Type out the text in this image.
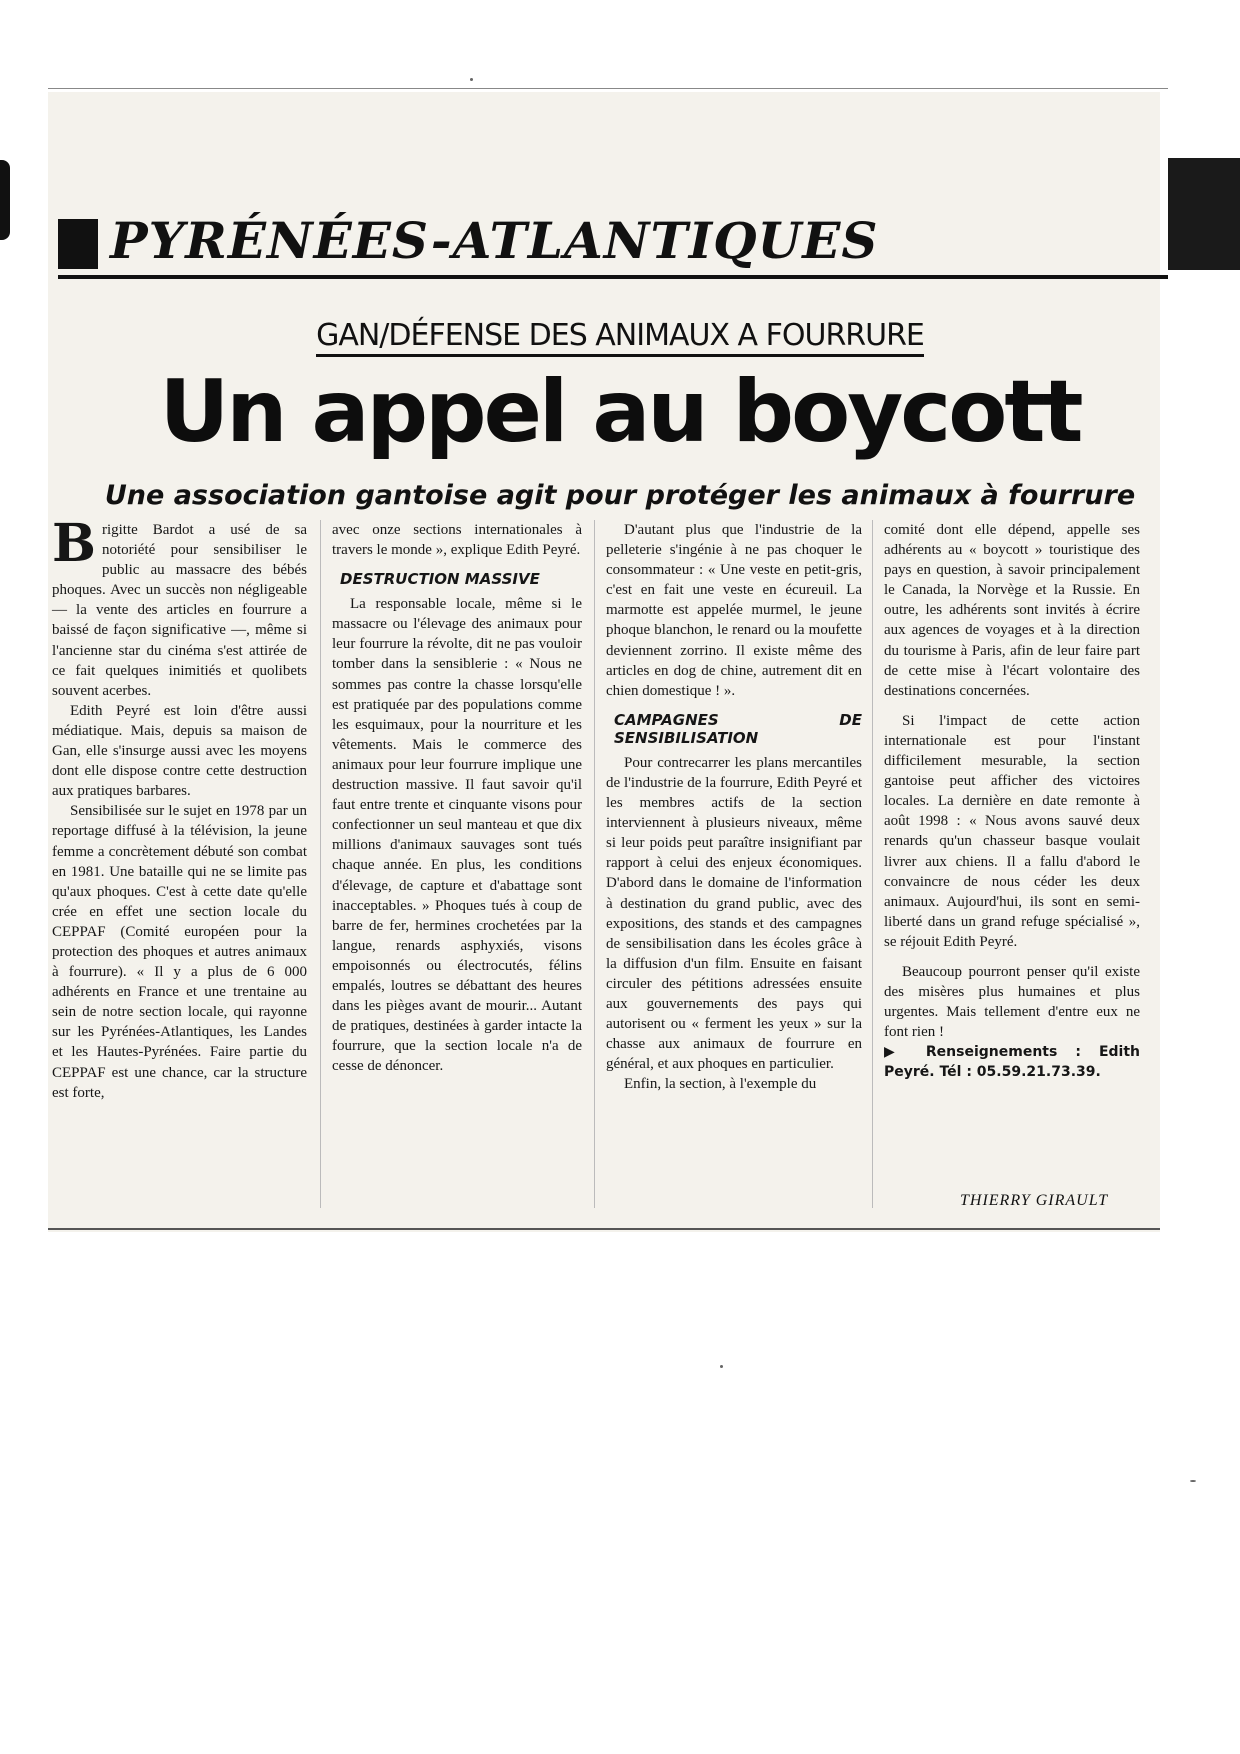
PYRÉNÉES-ATLANTIQUES
GAN/DÉFENSE DES ANIMAUX A FOURRURE
Un appel au boycott
Une association gantoise agit pour protéger les animaux à fourrure

Brigitte Bardot a usé de sa notoriété pour sensibiliser le public au massacre des bébés phoques. Avec un succès non négligeable — la vente des articles en fourrure a baissé de façon significative —, même si l'ancienne star du cinéma s'est attirée de ce fait quelques inimitiés et quolibets souvent acerbes.

Edith Peyré est loin d'être aussi médiatique. Mais, depuis sa maison de Gan, elle s'insurge aussi avec les moyens dont elle dispose contre cette destruction aux pratiques barbares.

Sensibilisée sur le sujet en 1978 par un reportage diffusé à la télévision, la jeune femme a concrètement débuté son combat en 1981. Une bataille qui ne se limite pas qu'aux phoques. C'est à cette date qu'elle crée en effet une section locale du CEPPAF (Comité européen pour la protection des phoques et autres animaux à fourrure). « Il y a plus de 6 000 adhérents en France et une trentaine au sein de notre section locale, qui rayonne sur les Pyrénées-Atlantiques, les Landes et les Hautes-Pyrénées. Faire partie du CEPPAF est une chance, car la structure est forte,

avec onze sections internationales à travers le monde », explique Edith Peyré.

DESTRUCTION MASSIVE

La responsable locale, même si le massacre ou l'élevage des animaux pour leur fourrure la révolte, dit ne pas vouloir tomber dans la sensiblerie : « Nous ne sommes pas contre la chasse lorsqu'elle est pratiquée par des populations comme les esquimaux, pour la nourriture et les vêtements. Mais le commerce des animaux pour leur fourrure implique une destruction massive. Il faut savoir qu'il faut entre trente et cinquante visons pour confectionner un seul manteau et que dix millions d'animaux sauvages sont tués chaque année. En plus, les conditions d'élevage, de capture et d'abattage sont inacceptables. » Phoques tués à coup de barre de fer, hermines crochetées par la langue, renards asphyxiés, visons empoisonnés ou électrocutés, félins empalés, loutres se débattant des heures dans les pièges avant de mourir... Autant de pratiques, destinées à garder intacte la fourrure, que la section locale n'a de cesse de dénoncer.

D'autant plus que l'industrie de la pelleterie s'ingénie à ne pas choquer le consommateur : « Une veste en petit-gris, c'est en fait une veste en écureuil. La marmotte est appelée murmel, le jeune phoque blanchon, le renard ou la moufette deviennent zorrino. Il existe même des articles en dog de chine, autrement dit en chien domestique ! ».

CAMPAGNES DE SENSIBILISATION

Pour contrecarrer les plans mercantiles de l'industrie de la fourrure, Edith Peyré et les membres actifs de la section interviennent à plusieurs niveaux, même si leur poids peut paraître insignifiant par rapport à celui des enjeux économiques. D'abord dans le domaine de l'information à destination du grand public, avec des expositions, des stands et des campagnes de sensibilisation dans les écoles grâce à la diffusion d'un film. Ensuite en faisant circuler des pétitions adressées ensuite aux gouvernements des pays qui autorisent ou « ferment les yeux » sur la chasse aux animaux de fourrure en général, et aux phoques en particulier.

Enfin, la section, à l'exemple du

comité dont elle dépend, appelle ses adhérents au « boycott » touristique des pays en question, à savoir principalement le Canada, la Norvège et la Russie. En outre, les adhérents sont invités à écrire aux agences de voyages et à la direction du tourisme à Paris, afin de leur faire part de cette mise à l'écart volontaire des destinations concernées.

Si l'impact de cette action internationale est pour l'instant difficilement mesurable, la section gantoise peut afficher des victoires locales. La dernière en date remonte à août 1998 : « Nous avons sauvé deux renards qu'un chasseur basque voulait livrer aux chiens. Il a fallu d'abord le convaincre de nous céder les deux animaux. Aujourd'hui, ils sont en semi-liberté dans un grand refuge spécialisé », se réjouit Edith Peyré.

Beaucoup pourront penser qu'il existe des misères plus humaines et plus urgentes. Mais tellement d'entre eux ne font rien !

▶ Renseignements : Edith Peyré. Tél : 05.59.21.73.39.

THIERRY GIRAULT
